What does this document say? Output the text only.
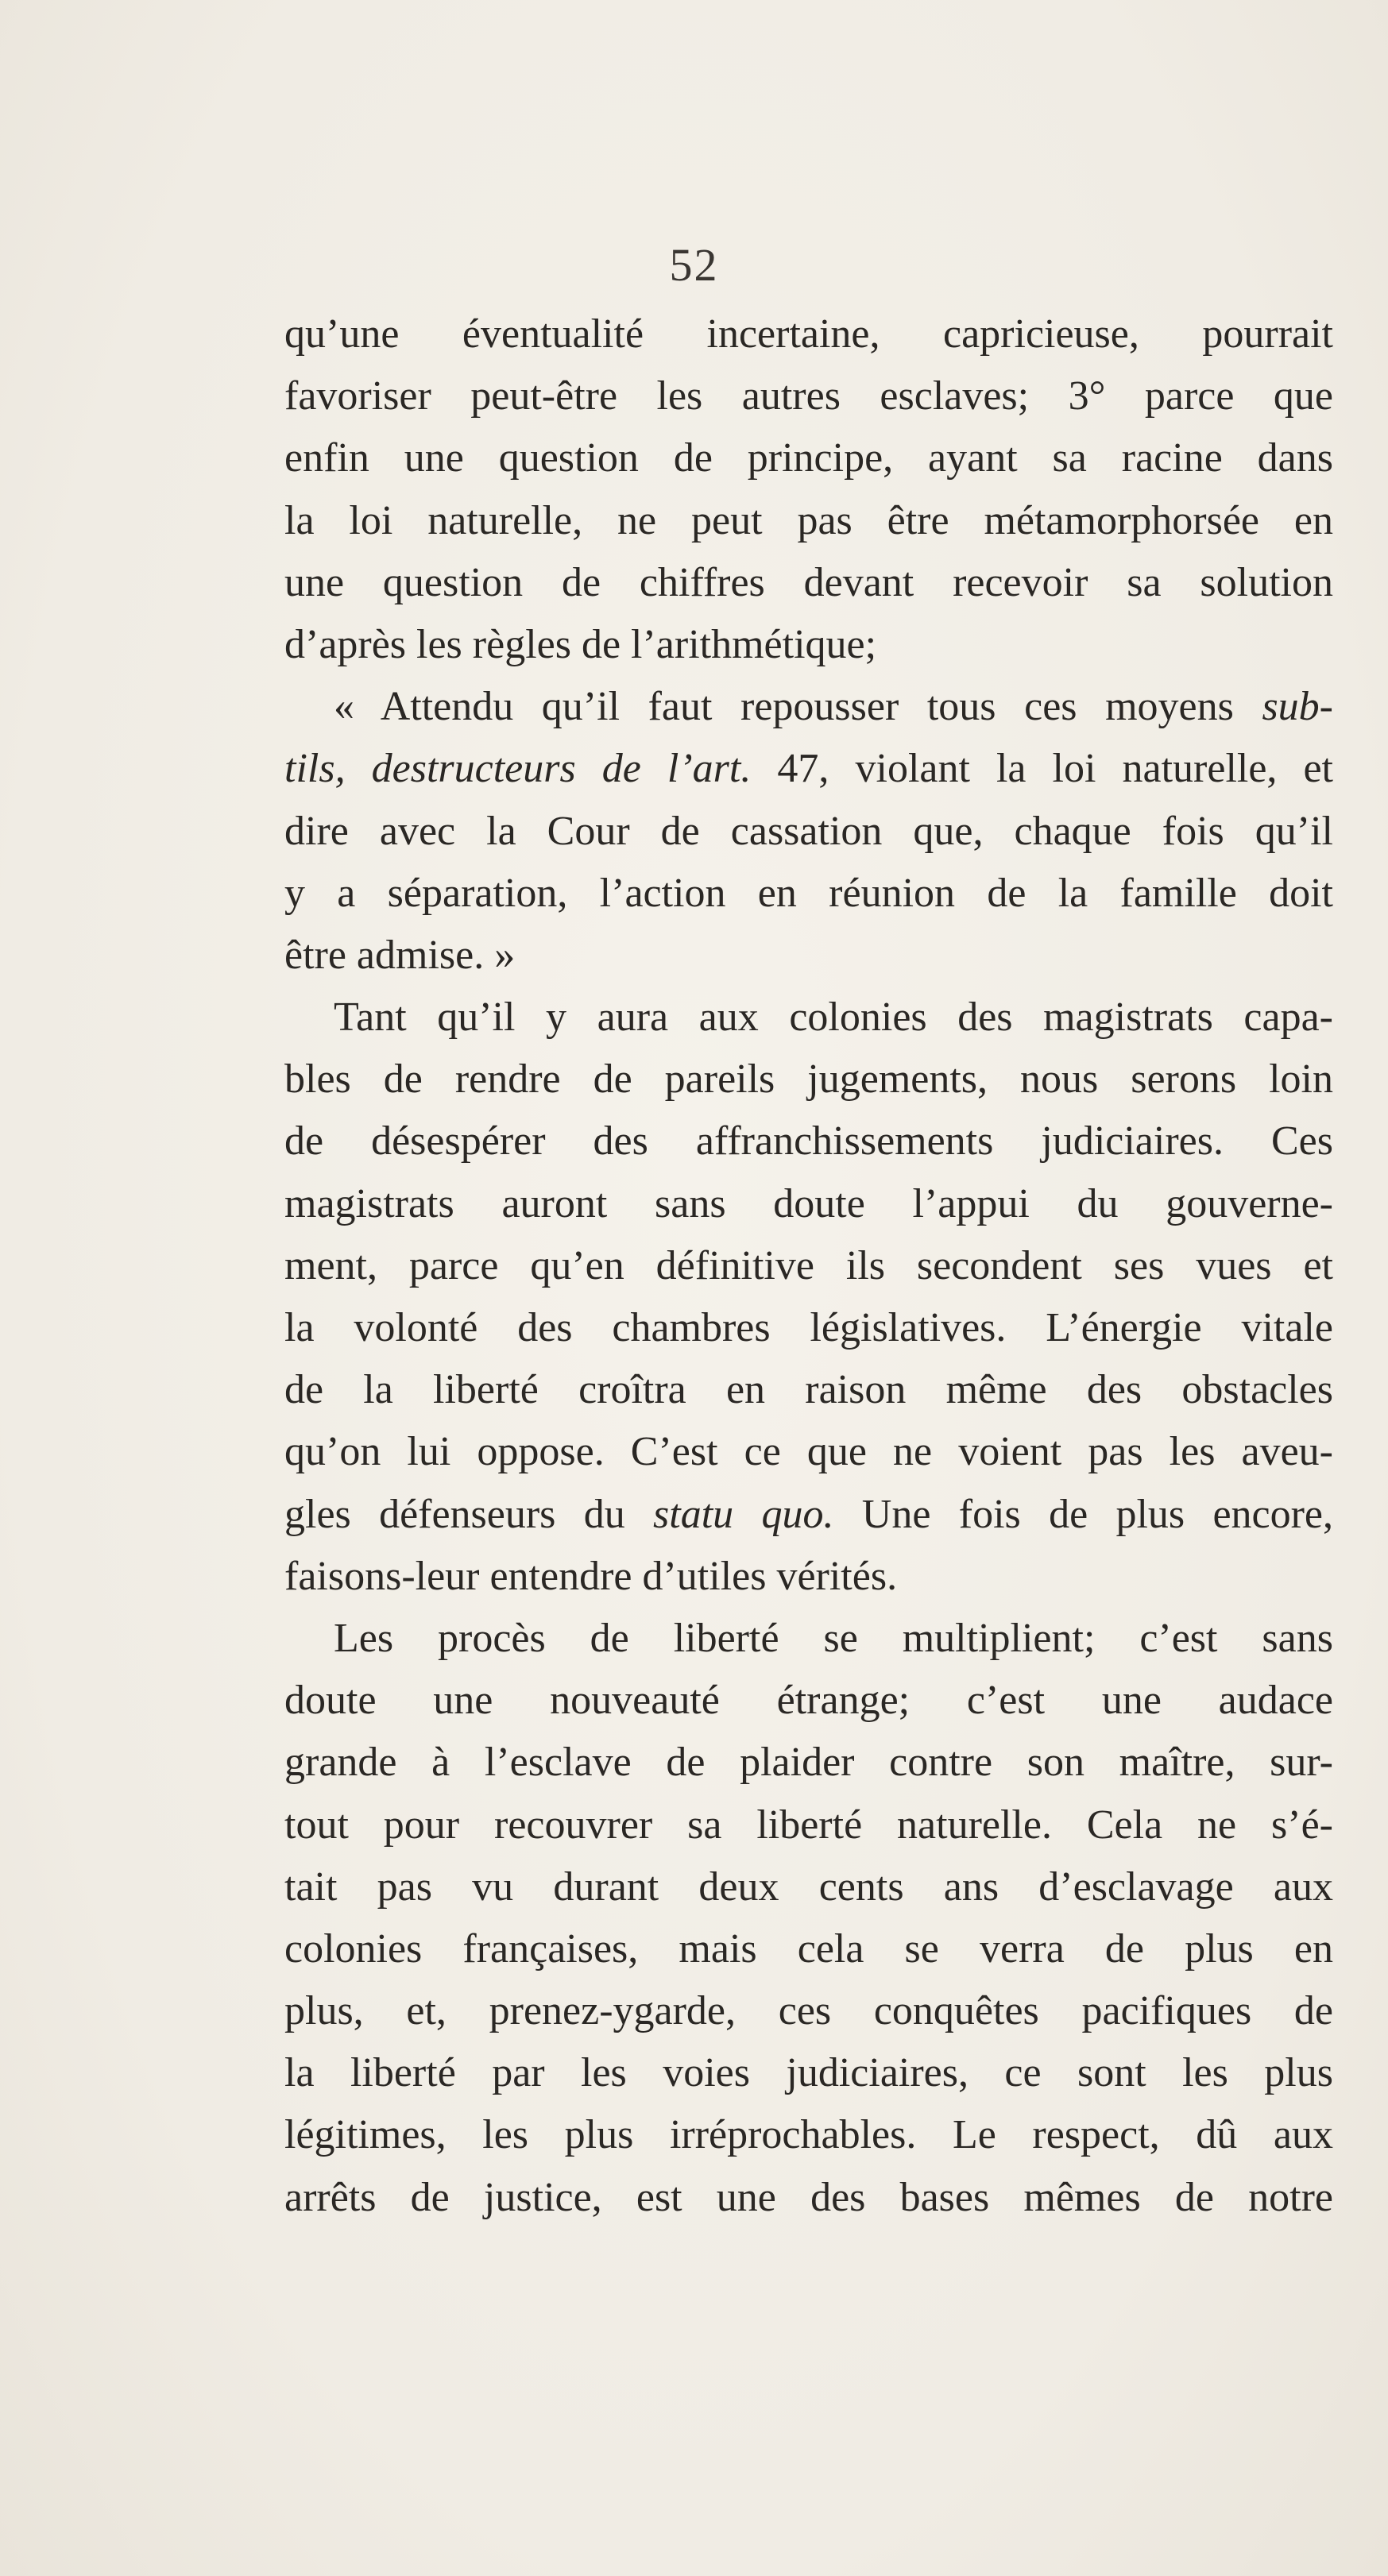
52
qu’une éventualité incertaine, capricieuse, pourrait
favoriser peut-être les autres esclaves; 3° parce que
enfin une question de principe, ayant sa racine dans
la loi naturelle, ne peut pas être métamorphorsée en
une question de chiffres devant recevoir sa solution
d’après les règles de l’arithmétique;
« Attendu qu’il faut repousser tous ces moyens sub-
tils, destructeurs de l’art. 47, violant la loi naturelle, et
dire avec la Cour de cassation que, chaque fois qu’il
y a séparation, l’action en réunion de la famille doit
être admise. »
Tant qu’il y aura aux colonies des magistrats capa-
bles de rendre de pareils jugements, nous serons loin
de désespérer des affranchissements judiciaires. Ces
magistrats auront sans doute l’appui du gouverne-
ment, parce qu’en définitive ils secondent ses vues et
la volonté des chambres législatives. L’énergie vitale
de la liberté croîtra en raison même des obstacles
qu’on lui oppose. C’est ce que ne voient pas les aveu-
gles défenseurs du statu quo. Une fois de plus encore,
faisons-leur entendre d’utiles vérités.
Les procès de liberté se multiplient; c’est sans
doute une nouveauté étrange; c’est une audace
grande à l’esclave de plaider contre son maître, sur-
tout pour recouvrer sa liberté naturelle. Cela ne s’é-
tait pas vu durant deux cents ans d’esclavage aux
colonies françaises, mais cela se verra de plus en
plus, et, prenez-ygarde, ces conquêtes pacifiques de
la liberté par les voies judiciaires, ce sont les plus
légitimes, les plus irréprochables. Le respect, dû aux
arrêts de justice, est une des bases mêmes de notre
